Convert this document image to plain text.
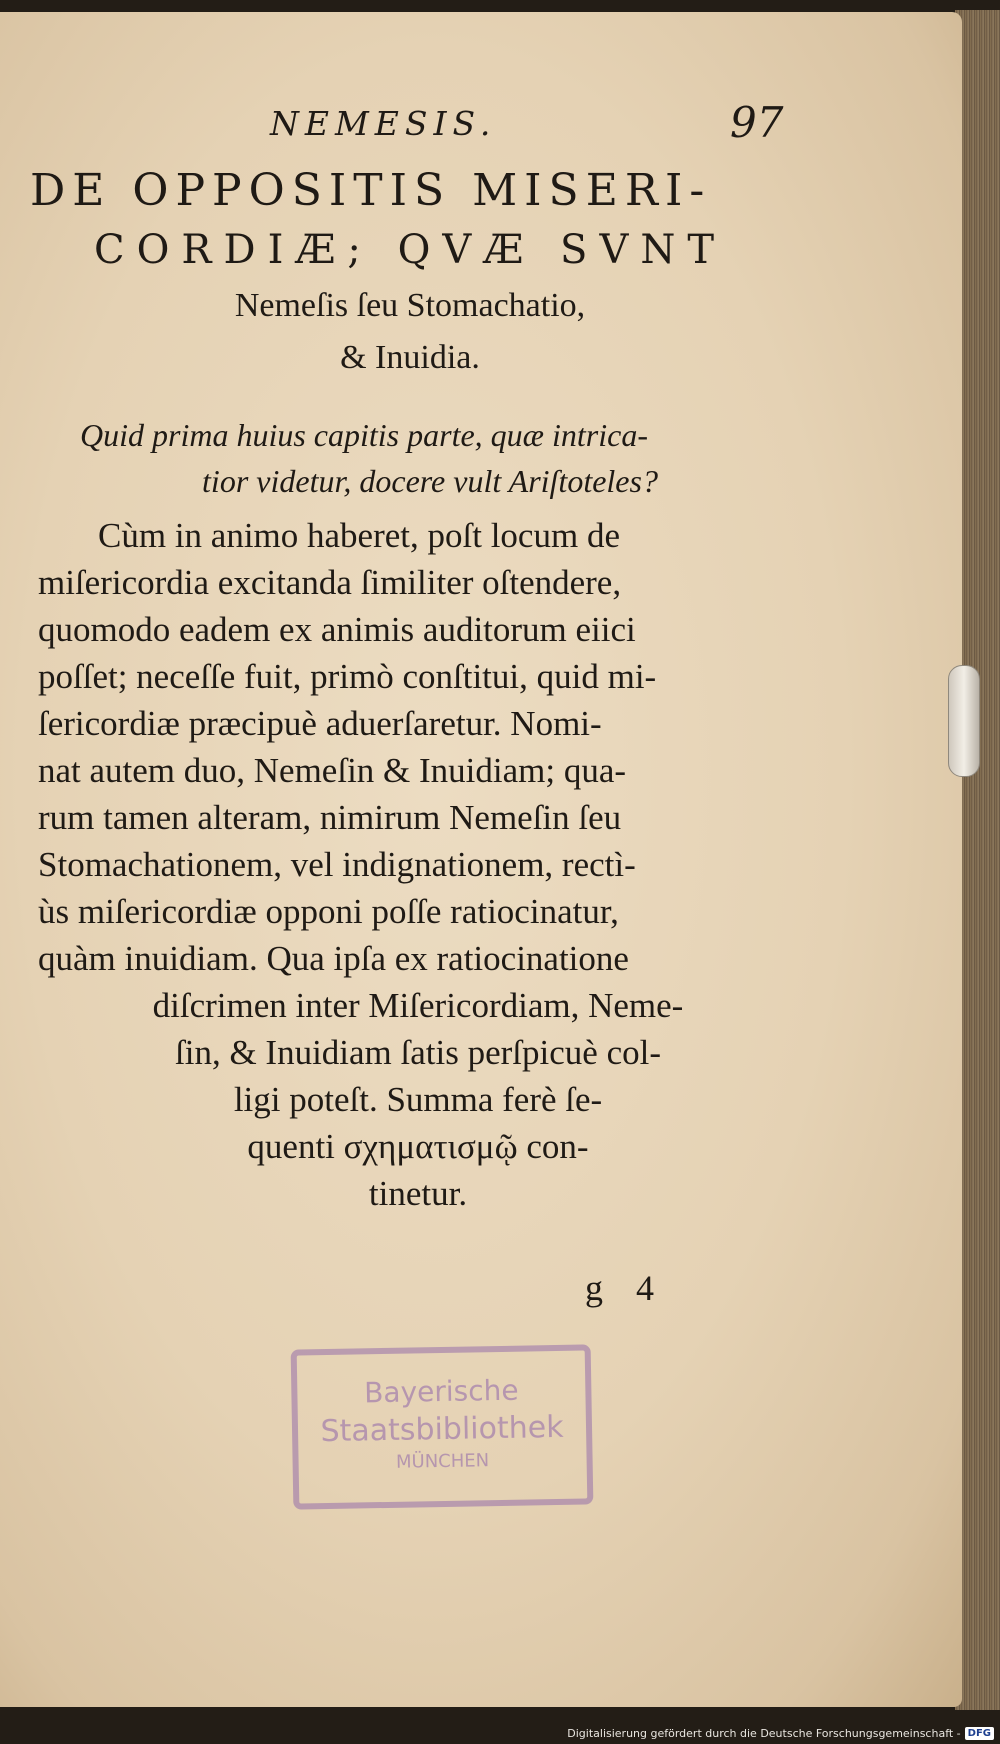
NEMESIS.	97
DE OPPOSITIS MISERI-
CORDIÆ; QVÆ SVNT
Nemeſis ſeu Stomachatio,
& Inuidia.
Quid prima huius capitis parte, quæ intrica-
tior videtur, docere vult Ariſtoteles?
Cùm in animo haberet, poſt locum de
miſericordia excitanda ſimiliter oſtendere,
quomodo eadem ex animis auditorum eiici
poſſet; neceſſe fuit, primò conſtitui, quid mi-
ſericordiæ præcipuè aduerſaretur. Nomi-
nat autem duo, Nemeſin & Inuidiam; qua-
rum tamen alteram, nimirum Nemeſin ſeu
Stomachationem, vel indignationem, rectì-
ùs miſericordiæ opponi poſſe ratiocinatur,
quàm inuidiam. Qua ipſa ex ratiocinatione
diſcrimen inter Miſericordiam, Neme-
ſin, & Inuidiam ſatis perſpicuè col-
ligi poteſt. Summa ferè ſe-
quenti σχηματισμῷ con-
tinetur.
g 4
Bayerische
Staatsbibliothek
MÜNCHEN
Digitalisierung gefördert durch die Deutsche Forschungsgemeinschaft - DFG
